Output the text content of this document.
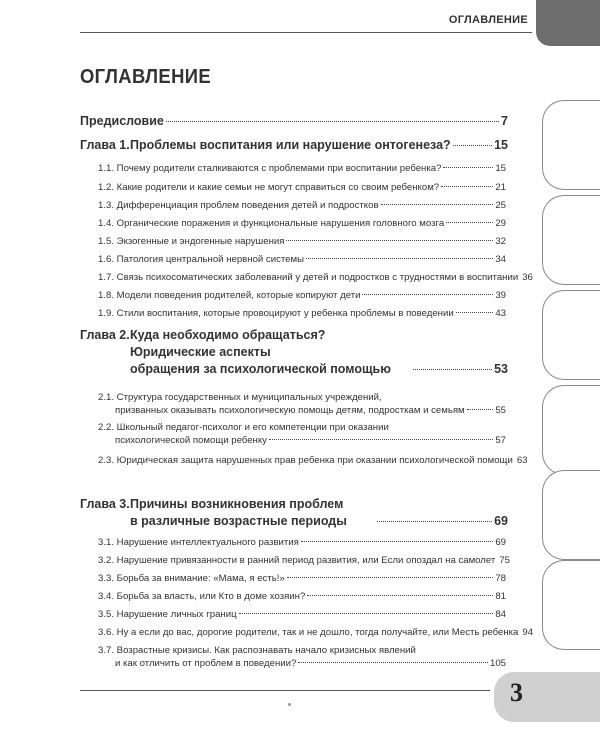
ОГЛАВЛЕНИЕ
ОГЛАВЛЕНИЕ
Предисловие	7
Глава 1.Проблемы воспитания или нарушение онтогенеза?	15
1.1. Почему родители сталкиваются с проблемами при воспитании ребенка?	15
1.2. Какие родители и какие семьи не могут справиться со своим ребенком?	21
1.3. Дифференциация проблем поведения детей и подростков	25
1.4. Органические поражения и функциональные нарушения головного мозга	29
1.5. Экзогенные и эндогенные нарушения	32
1.6. Патология центральной нервной системы	34
1.7. Связь психосоматических заболеваний у детей и подростков с трудностями в воспитании 36
1.8. Модели поведения родителей, которые копируют дети	39
1.9. Стили воспитания, которые провоцируют у ребенка проблемы в поведении	43
Глава 2.Куда необходимо обращаться?
Юридические аспекты
обращения за психологической помощью	53
2.1. Структура государственных и муниципальных учреждений,
призванных оказывать психологическую помощь детям, подросткам и семьям	55
2.2. Школьный педагог-психолог и его компетенции при оказании
психологической помощи ребенку	57
2.3. Юридическая защита нарушенных прав ребенка при оказании психологической помощи 63
Глава 3.Причины возникновения проблем
в различные возрастные периоды	69
3.1. Нарушение интеллектуального развития	69
3.2. Нарушение привязанности в ранний период развития, или Если опоздал на самолет 75
3.3. Борьба за внимание: «Мама, я есть!»	78
3.4. Борьба за власть, или Кто в доме хозяин?	81
3.5. Нарушение личных границ	84
3.6. Ну а если до вас, дорогие родители, так и не дошло, тогда получайте, или Месть ребенка 94
3.7. Возрастные кризисы. Как распознавать начало кризисных явлений
и как отличить от проблем в поведении?	105
3
